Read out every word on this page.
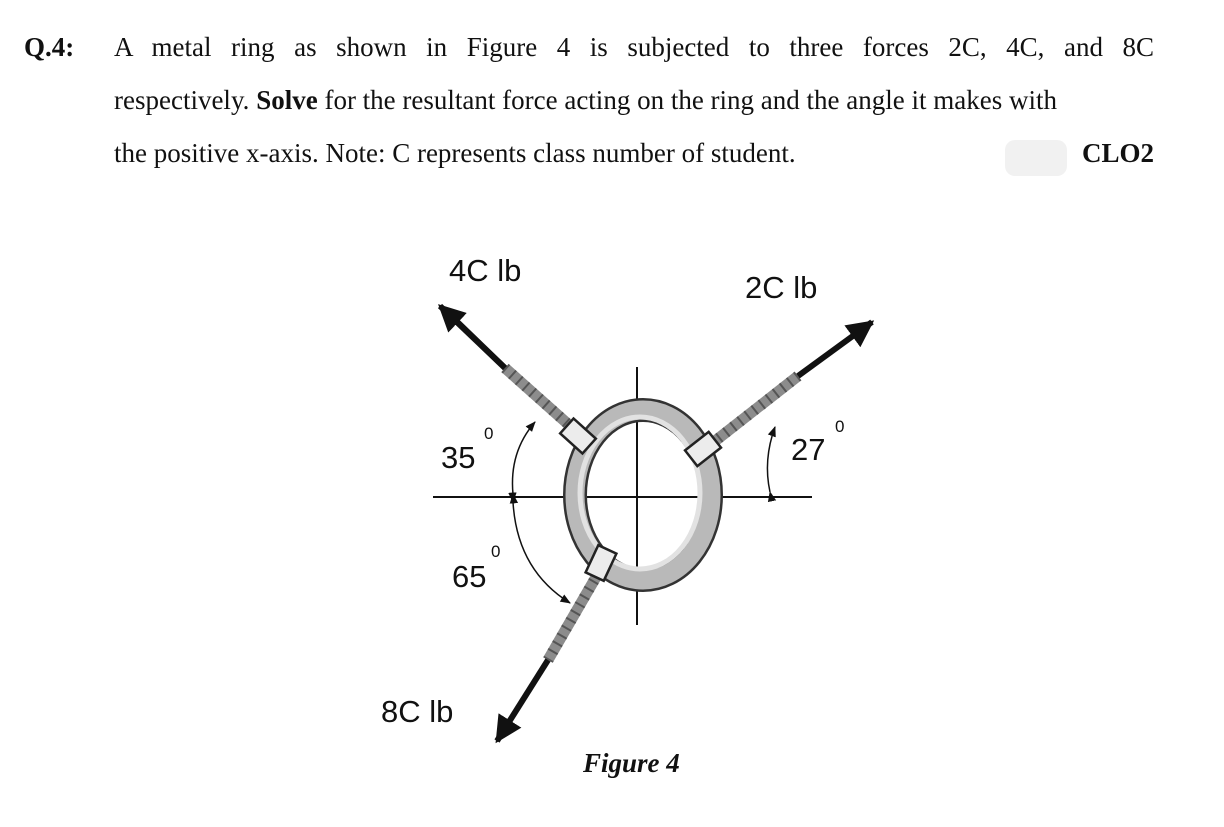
Q.4: A metal ring as shown in Figure 4 is subjected to three forces 2C, 4C, and 8C
respectively. Solve for the resultant force acting on the ring and the angle it makes with
the positive x-axis. Note: C represents class number of student.	CLO2
4C lb	2C lb
8C lb
35
0	27
0
65
0
Figure 4
